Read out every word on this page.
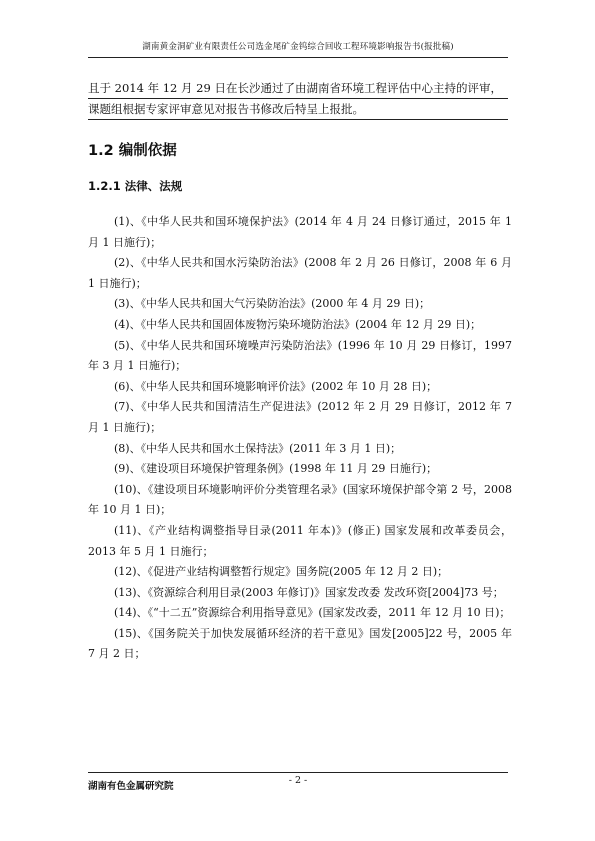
湖南黄金洞矿业有限责任公司选金尾矿金钨综合回收工程环境影响报告书(报批稿)
且于 2014 年 12 月 29 日在长沙通过了由湖南省环境工程评估中心主持的评审，
课题组根据专家评审意见对报告书修改后特呈上报批。
1.2 编制依据
1.2.1 法律、法规
(1)、《中华人民共和国环境保护法》(2014 年 4 月 24 日修订通过，2015 年 1 月 1 日施行)；
(2)、《中华人民共和国水污染防治法》(2008 年 2 月 26 日修订，2008 年 6 月 1 日施行)；
(3)、《中华人民共和国大气污染防治法》(2000 年 4 月 29 日)；
(4)、《中华人民共和国固体废物污染环境防治法》(2004 年 12 月 29 日)；
(5)、《中华人民共和国环境噪声污染防治法》(1996 年 10 月 29 日修订，1997 年 3 月 1 日施行)；
(6)、《中华人民共和国环境影响评价法》(2002 年 10 月 28 日)；
(7)、《中华人民共和国清洁生产促进法》(2012 年 2 月 29 日修订，2012 年 7 月 1 日施行)；
(8)、《中华人民共和国水土保持法》(2011 年 3 月 1 日)；
(9)、《建设项目环境保护管理条例》(1998 年 11 月 29 日施行)；
(10)、《建设项目环境影响评价分类管理名录》(国家环境保护部令第 2 号，2008 年 10 月 1 日)；
(11)、《产业结构调整指导目录(2011 年本)》(修正) 国家发展和改革委员会，2013 年 5 月 1 日施行；
(12)、《促进产业结构调整暂行规定》国务院(2005 年 12 月 2 日)；
(13)、《资源综合利用目录(2003 年修订)》国家发改委 发改环资[2004]73 号；
(14)、《“十二五”资源综合利用指导意见》(国家发改委，2011 年 12 月 10 日)；
(15)、《国务院关于加快发展循环经济的若干意见》国发[2005]22 号，2005 年 7 月 2 日；
湖南有色金属研究院
- 2 -
